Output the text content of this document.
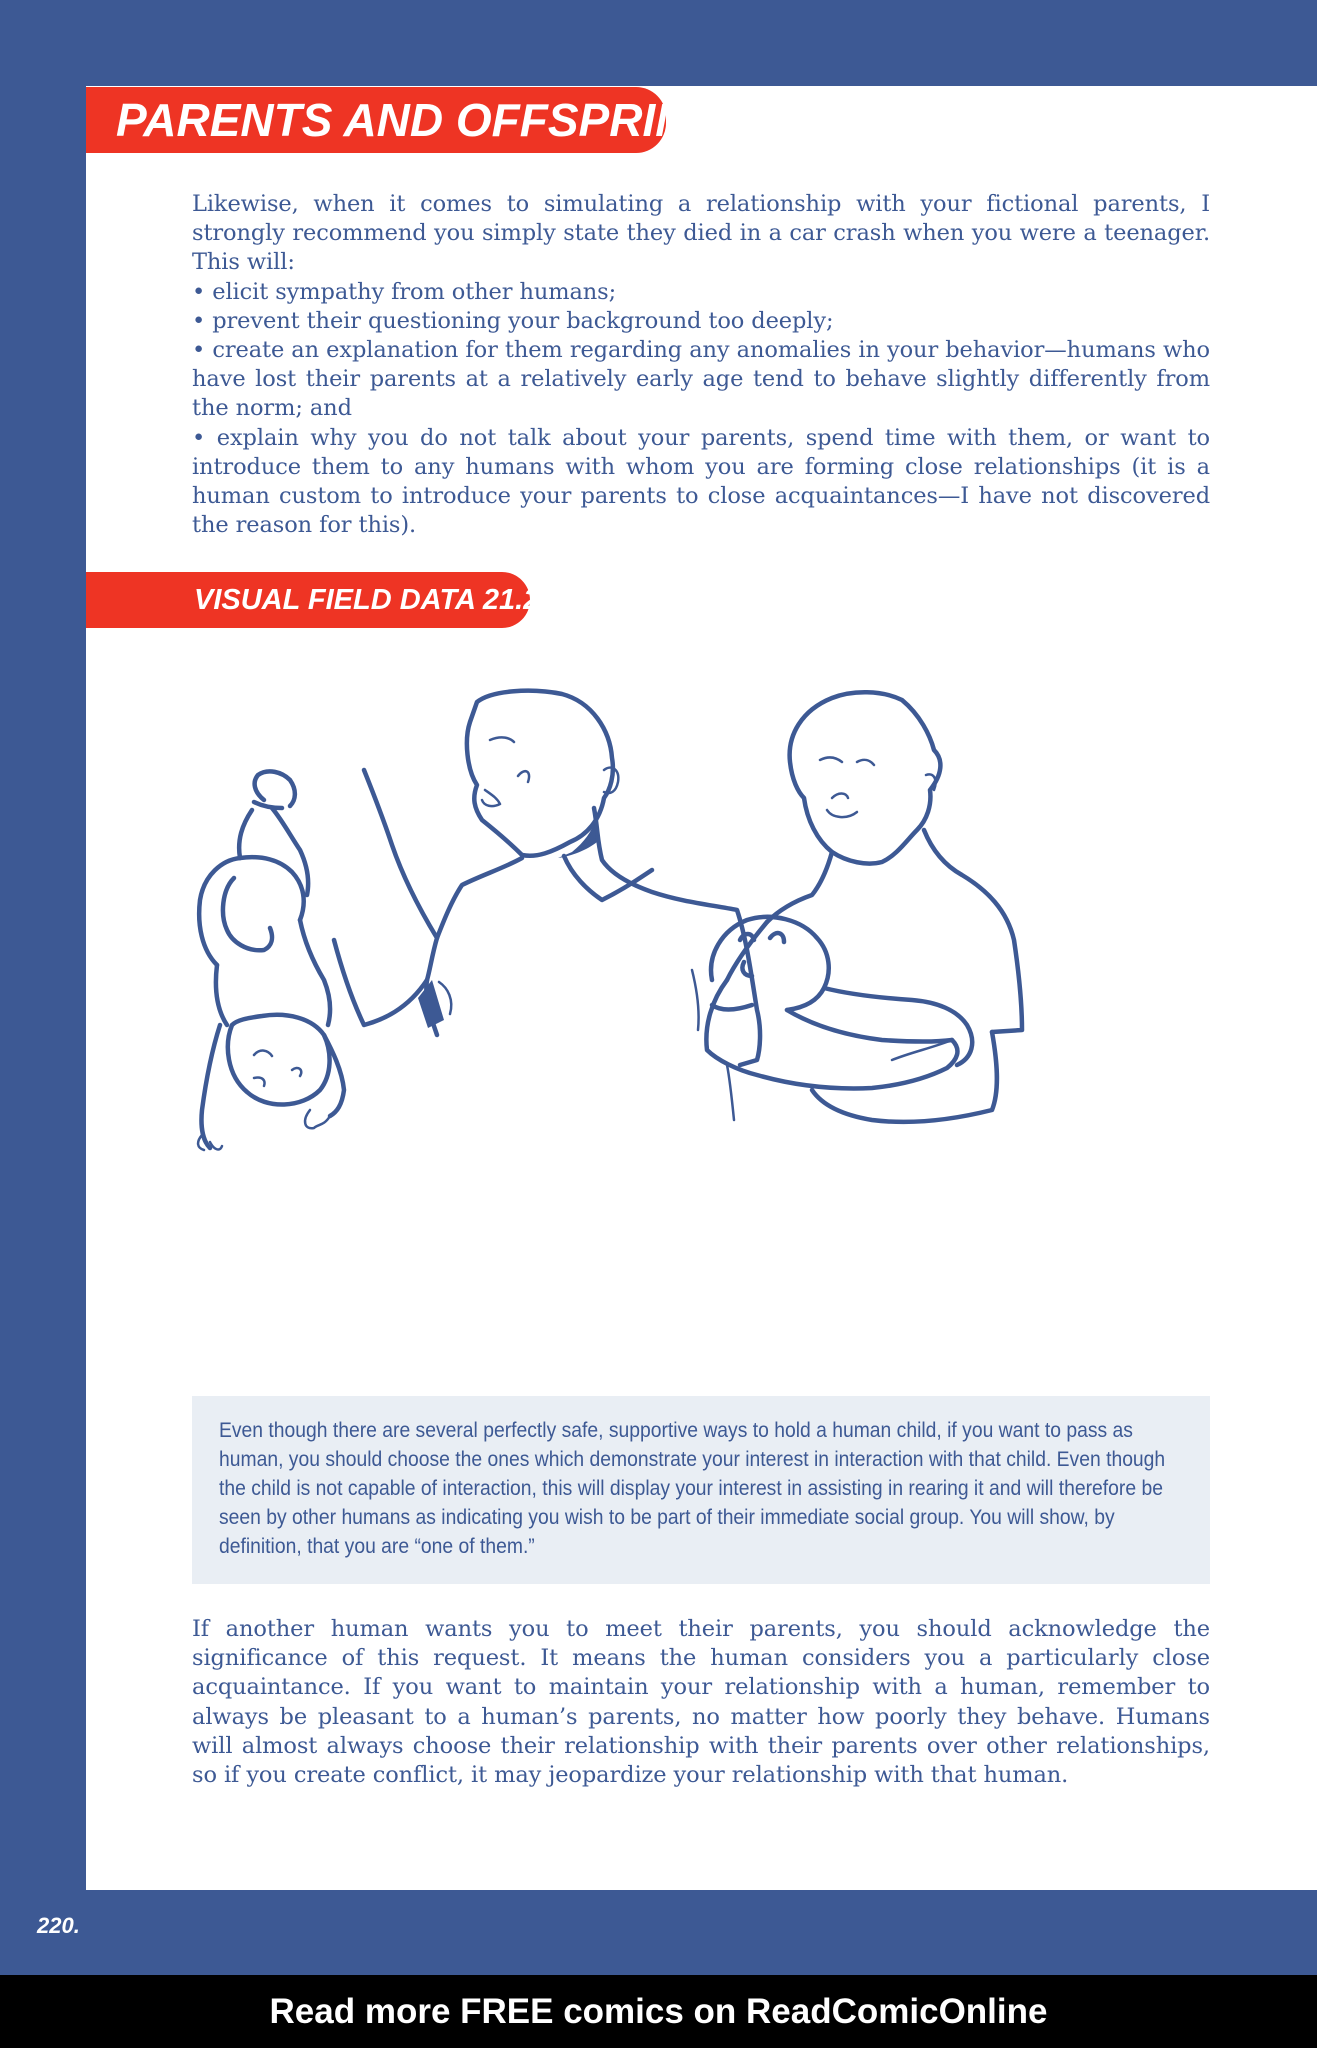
PARENTS AND OFFSPRING

Likewise, when it comes to simulating a relationship with your fictional parents, I strongly recommend you simply state they died in a car crash when you were a teenager. This will:

• elicit sympathy from other humans;

• prevent their questioning your background too deeply;

• create an explanation for them regarding any anomalies in your behavior—humans who have lost their parents at a relatively early age tend to behave slightly differently from the norm; and

• explain why you do not talk about your parents, spend time with them, or want to introduce them to any humans with whom you are forming close relationships (it is a human custom to introduce your parents to close acquaintances—I have not discovered the reason for this).

VISUAL FIELD DATA 21.2

Even though there are several perfectly safe, supportive ways to hold a human child, if you want to pass as human, you should choose the ones which demonstrate your interest in interaction with that child. Even though the child is not capable of interaction, this will display your interest in assisting in rearing it and will therefore be seen by other humans as indicating you wish to be part of their immediate social group. You will show, by definition, that you are “one of them.”

If another human wants you to meet their parents, you should acknowledge the significance of this request. It means the human considers you a particularly close acquaintance. If you want to maintain your relationship with a human, remember to always be pleasant to a human’s parents, no matter how poorly they behave. Humans will almost always choose their relationship with their parents over other relationships, so if you create conflict, it may jeopardize your relationship with that human.

220.
Read more FREE comics on ReadComicOnline
